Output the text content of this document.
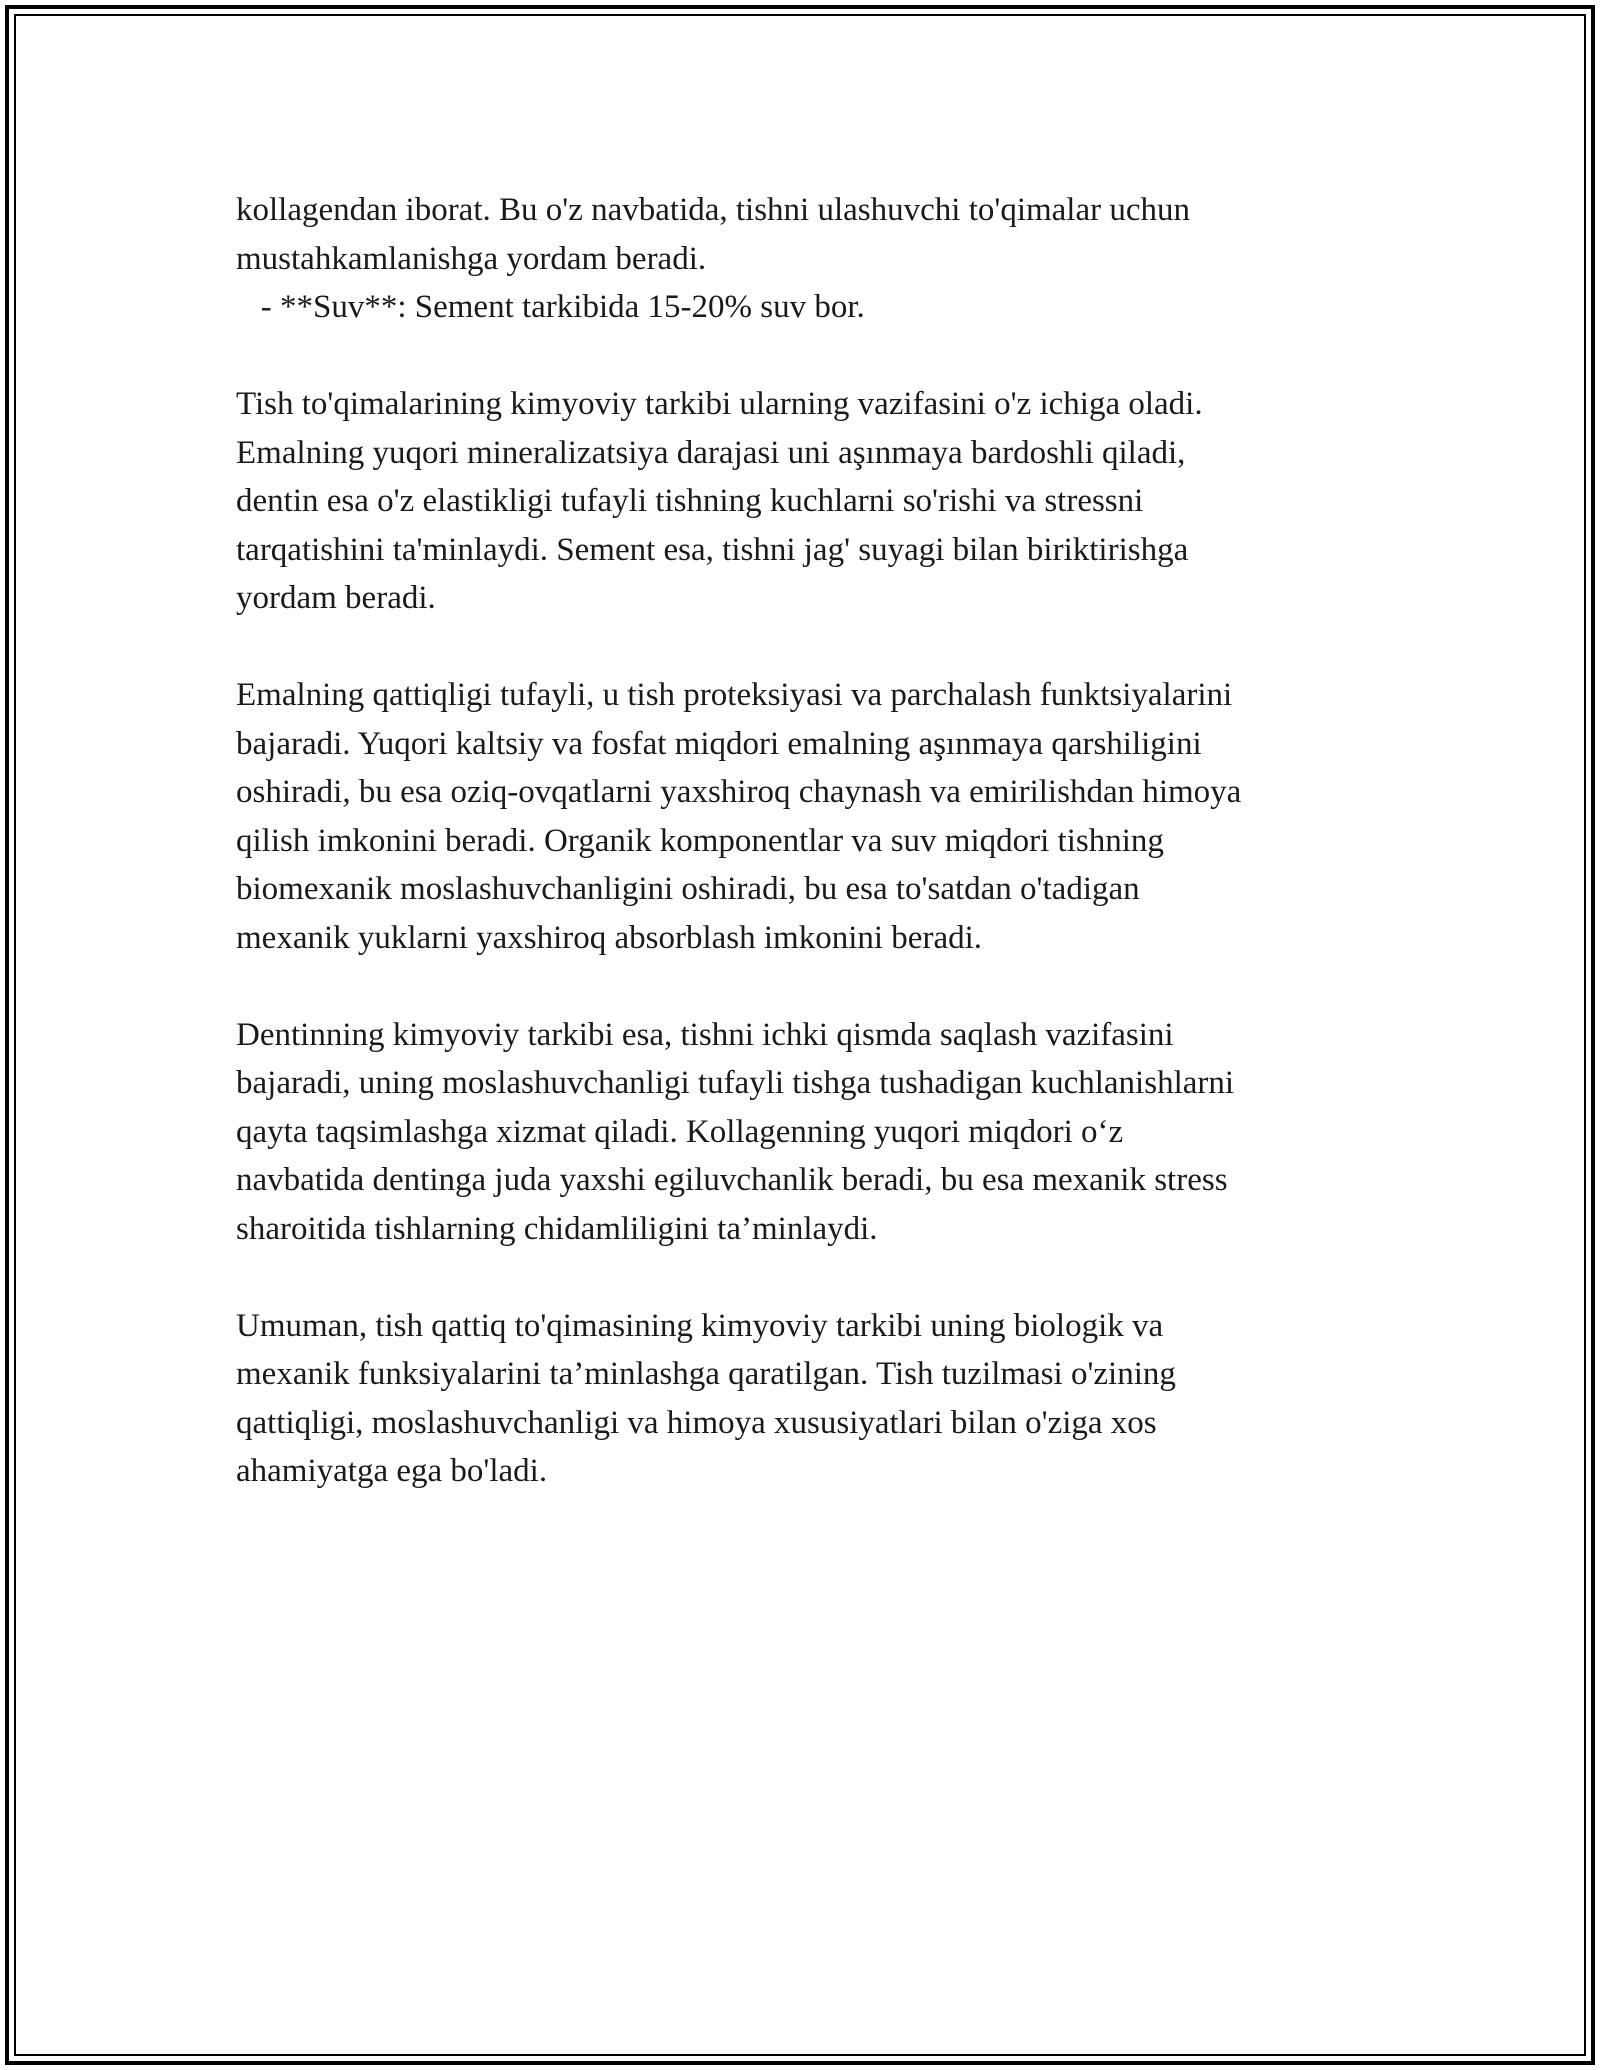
kollagendan iborat. Bu o'z navbatida, tishni ulashuvchi to'qimalar uchun
mustahkamlanishga yordam beradi.
- **Suv**: Sement tarkibida 15-20% suv bor.
Tish to'qimalarining kimyoviy tarkibi ularning vazifasini o'z ichiga oladi.
Emalning yuqori mineralizatsiya darajasi uni aşınmaya bardoshli qiladi,
dentin esa o'z elastikligi tufayli tishning kuchlarni so'rishi va stressni
tarqatishini ta'minlaydi. Sement esa, tishni jag' suyagi bilan biriktirishga
yordam beradi.
Emalning qattiqligi tufayli, u tish proteksiyasi va parchalash funktsiyalarini
bajaradi. Yuqori kaltsiy va fosfat miqdori emalning aşınmaya qarshiligini
oshiradi, bu esa oziq-ovqatlarni yaxshiroq chaynash va emirilishdan himoya
qilish imkonini beradi. Organik komponentlar va suv miqdori tishning
biomexanik moslashuvchanligini oshiradi, bu esa to'satdan o'tadigan
mexanik yuklarni yaxshiroq absorblash imkonini beradi.
Dentinning kimyoviy tarkibi esa, tishni ichki qismda saqlash vazifasini
bajaradi, uning moslashuvchanligi tufayli tishga tushadigan kuchlanishlarni
qayta taqsimlashga xizmat qiladi. Kollagenning yuqori miqdori o‘z
navbatida dentinga juda yaxshi egiluvchanlik beradi, bu esa mexanik stress
sharoitida tishlarning chidamliligini ta’minlaydi.
Umuman, tish qattiq to'qimasining kimyoviy tarkibi uning biologik va
mexanik funksiyalarini ta’minlashga qaratilgan. Tish tuzilmasi o'zining
qattiqligi, moslashuvchanligi va himoya xususiyatlari bilan o'ziga xos
ahamiyatga ega bo'ladi.
